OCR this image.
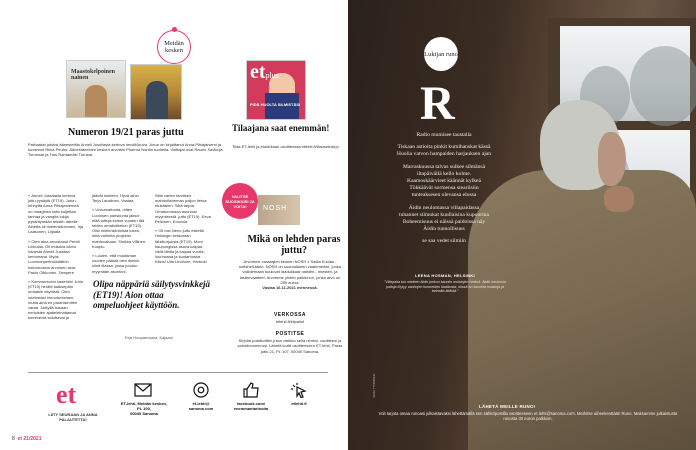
Meidän kesken
Maastokelpoinen nainen	etplus
PIDÄ HUOLTA SILMISTÄSI
Numeron 19/21 paras juttu
Parhaaksi jutuksi äänestettiin Anneli Jussilasta kertova henkilökuva. Jutun on kirjoittanut Anna Pihlajaniemi ja kuvannut Riina Peuhu. Äänestäneiden kesken arvottiin Pharma Nordin tuotteita. Voittajat ovat Rauno Savikoja Torniosta ja Taru Rantamäki Turusta.

» Anneli Jussilasta kertova juttu pysäytti (ET19). Jutun tehnyttä Anna Pihlajaniemeä on maaginen taito kuljettaa tarinaa ja vangita lukija pysähtymään tekstin äärelle. Aihetta oli mielenkiintoinen. Irja Laasonen, Liljaala

» Olen aina arvostanut Pentti Linkolaa. Oli mukava lukea hänestä Anneli Jussilan kertomana. Myös Luonnonperintösäätiön hatunnoston arvoinen asia. Paulo Olkkonen, Tampere

» Kommentoimi kadehtiu! Juttu (ET19) herätti taaksepäin omaakin käytöstä. Olen mielestäni hienotunteinen, mutta aina en paranisimiten varaa. Jatkyllä toisaan nerloisten ajatteleinattamat kommentit saluttavat ja

jäävät mieleen. Hyvä aihe! Terja Lauslinen, Vantaa

» Unkomattonta, miten Luotosen pariskunta jaksoi elää tuttuja kolme vuoden tää teiden omakotikelon (ET19). Olisi mielenkiintoista lukea, mitä valhetta projektin mahtuvakaan. Sinikka Villinen, Kuopio

» Luulen, että muutaman vuoden päästä olen itsekin siinä tilassa, jossa joudun myymään asuntoni.

Siitä varten tarvitsen mahdollisimman paljon tietoa etukäteen. Siitä tarjosi Ornaturomaan asunnon myymisestä -juttu (ET19). Eeva Pellonen, Kouvola

» Oli tosi hieno juttu esitellä Helsingin keskustan tähtikorjuksia (ET19). Moni kaupungissa asuva kaipaa vielä tähtia ja kaipaa vuorta, luonnossa ja kuutamossa. Kiitos! Ulla Lindhom, Helsinki

Olipa näppäriä säilytysvinkkejä (ET19)! Aion ottaa ompeluohjeet käyttöön.
Erja Hoopanvaara, Kajaani
Tilaajana saat enemmän!
Tilaa ET-lehti ja etuhintaan osoitteessa etlehti.fi/tilausetukirjo
VALITSE SUOSIKKISI JA VOITA!	NOSH
Mikä on lehden paras juttu?
Arvomme vastaajien kesken NOSH x Sasta Kuolas -softshell-takin. NOSH on suomalainen vaatemerkki, jonka vallolemaan kuuluvat laadukkaat naisten-, miesten- ja lastenvaatteet. Arvomme yhden palkinnon, jonka arvo on 289 euroa.
Vastaa 16.11.2021 mennessä.
VERKOSSA
etlehti.fi/kilpailut
POSTITSE
Kirjoita postikorttiin jutun otsikko sekä nimesi, osoitteesi ja puhelinnumerosi. Lähetä kortti osoitteeseen ET-lehti, Paras juttu 21, PL 107, 00040 Sanoma.
et
LIITY SEURAAN JA ANNA PALAUTETTA!
ET-lehti, Meidän kesken,
PL 100,
00040 Sanoma
et-lehti@
sanoma.com
facebook.com/
enemmantarinoita
etlehti.fi
8 et 21/2021
Lukijan runo
R
Radio mumisee taustalla
Tiskaan astioita pinkit kumihanskat kässä
Huolia vatvon hampaiden harjauksen ajan
Marraskuussa talvas sulkee silmänsä
iltapäivällä kello kolme.
Kaamoskäärvieet käännät kylkeä
Tökkäävät sormensa steariisiin
tunteaksesen olevansa elossa
Äidin neulomassa villapaidassa
tuhannet silmukat kuullaisina kupoorina
Boheemisuus ei näissä paidoissa näy
Äidin tunnollisuus
se saa vedet silmiin
LEENA HOSMAN, HELSINKI
"Villapaita tuo mieleen äidin jonkun kauniin muistojen hetkeä. Äidin neulomia paitoja löytyy vanhojen huoneiden laatikosta, niissä on kauniita muistoja ja tarinoita äidistä."
VESA TYNNINEN
LÄHETÄ MEILLE RUNO!
Voit tarjota omaa runoasi julkaistavaksi lähettämällä sen sähköpostilla osoitteeseen et-lehti@sanoma.com. Merkitse aiheekenttään Runo. Maksamme julkaistusta runosta 30 euron palkkion.
